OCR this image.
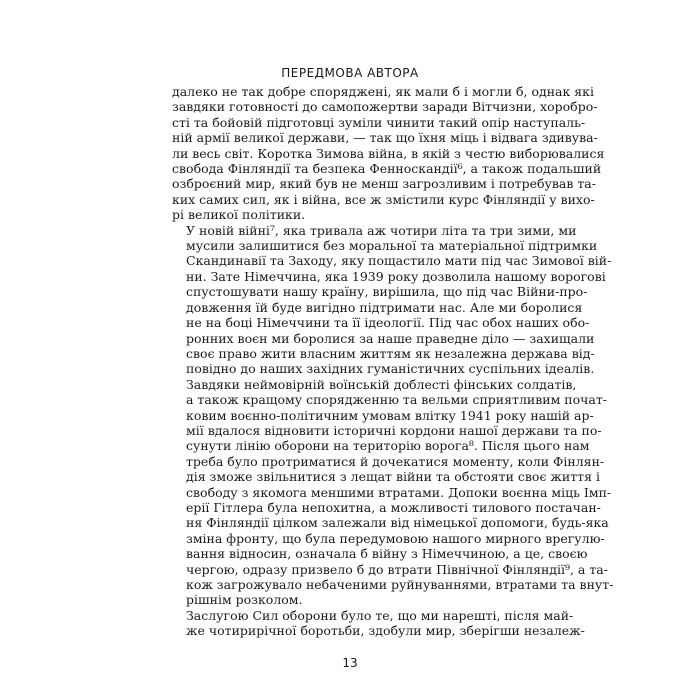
ПЕРЕДМОВА АВТОРА

далеко не так добре споряджені, як мали б і могли б, однак які
завдяки готовності до самопожертви заради Вітчизни, хоробро-
сті та бойовій підготовці зуміли чинити такий опір наступаль-
ній армії великої держави, — так що їхня міць і відвага здивува-
ли весь світ. Коротка Зимова війна, в якій з честю виборювалися
свобода Фінляндії та безпека Фенноскандії⁶, а також подальший
озброєний мир, який був не менш загрозливим і потребував та-
ких самих сил, як і війна, все ж змістили курс Фінляндії у вихо-
рі великої політики.

У новій війні⁷, яка тривала аж чотири літа та три зими, ми
мусили залишитися без моральної та матеріальної підтримки
Скандинавії та Заходу, яку пощастило мати під час Зимової вій-
ни. Зате Німеччина, яка 1939 року дозволила нашому ворогові
спустошувати нашу країну, вирішила, що під час Війни-про-
довження їй буде вигідно підтримати нас. Але ми боролися
не на боці Німеччини та її ідеології. Під час обох наших обо-
ронних воєн ми боролися за наше праведне діло — захищали
своє право жити власним життям як незалежна держава від-
повідно до наших західних гуманістичних суспільних ідеалів.

Завдяки неймовірній воїнській доблесті фінських солдатів,
а також кращому спорядженню та вельми сприятливим почат-
ковим воєнно-політичним умовам влітку 1941 року нашій ар-
мії вдалося відновити історичні кордони нашої держави та по-
сунути лінію оборони на територію ворога⁸. Після цього нам
треба було протриматися й дочекатися моменту, коли Фінлян-
дія зможе звільнитися з лещат війни та обстояти своє життя і
свободу з якомога меншими втратами. Допоки воєнна міць Імп-
ерії Гітлера була непохитна, а можливості тилового постачан-
ня Фінляндії цілком залежали від німецької допомоги, будь-яка
зміна фронту, що була передумовою нашого мирного врегулю-
вання відносин, означала б війну з Німеччиною, а це, своєю
чергою, одразу призвело б до втрати Північної Фінляндії⁹, а та-
кож загрожувало небаченими руйнуваннями, втратами та внут-
рішнім розколом.

Заслугою Сил оборони було те, що ми нарешті, після май-
же чотирирічної боротьби, здобули мир, зберігши незалеж-

13
